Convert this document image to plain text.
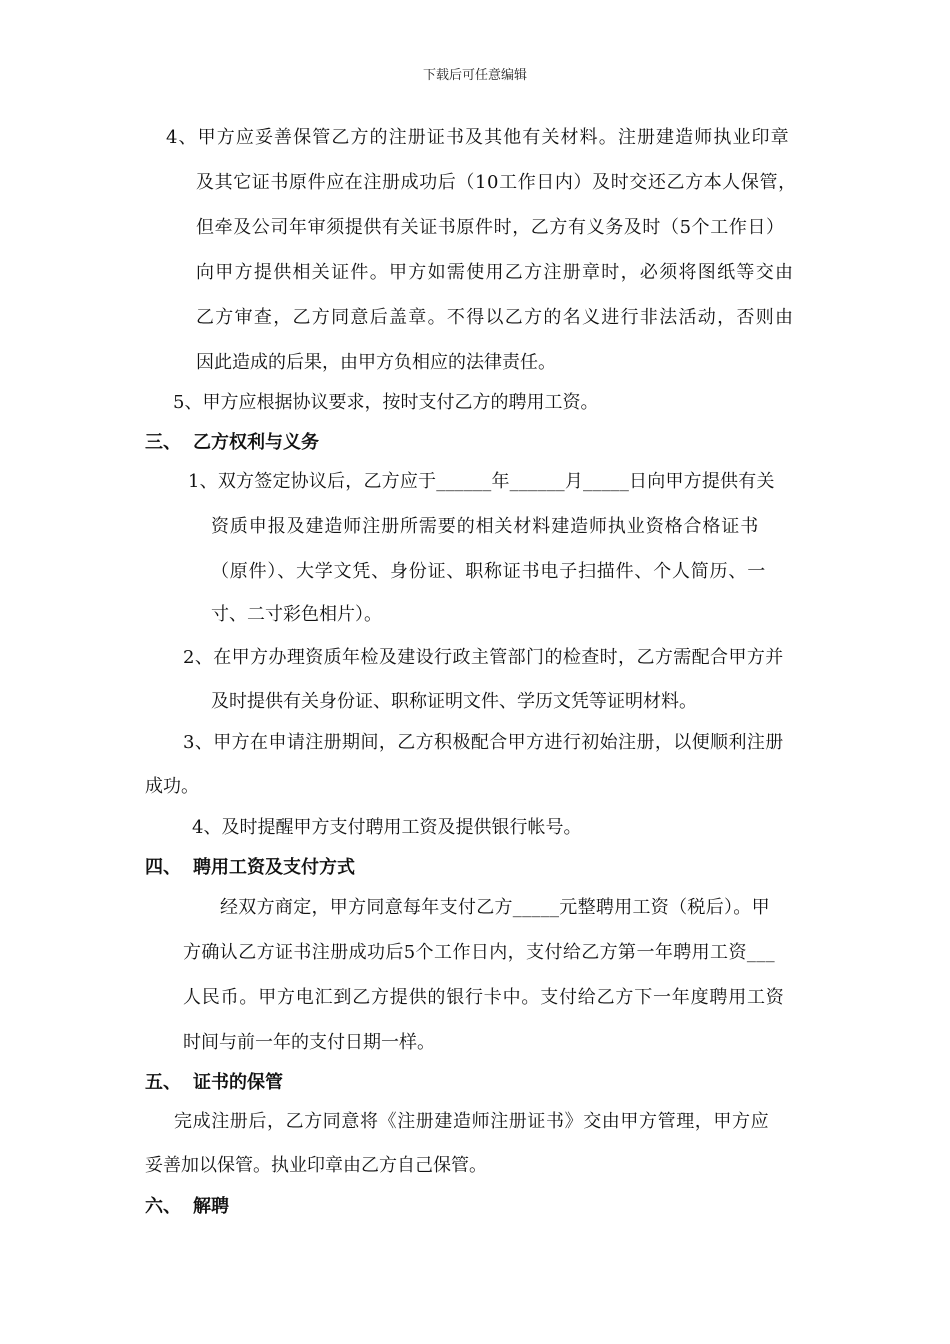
下载后可任意编辑
4、甲方应妥善保管乙方的注册证书及其他有关材料。注册建造师执业印章
及其它证书原件应在注册成功后（10工作日内）及时交还乙方本人保管，
但牵及公司年审须提供有关证书原件时，乙方有义务及时（5个工作日）
向甲方提供相关证件。甲方如需使用乙方注册章时，必须将图纸等交由
乙方审查，乙方同意后盖章。不得以乙方的名义进行非法活动，否则由
因此造成的后果，由甲方负相应的法律责任。
5、甲方应根据协议要求，按时支付乙方的聘用工资。
三、 乙方权利与义务
1、双方签定协议后，乙方应于______年______月_____日向甲方提供有关
资质申报及建造师注册所需要的相关材料建造师执业资格合格证书
（原件）、大学文凭、身份证、职称证书电子扫描件、个人简历、一
寸、二寸彩色相片）。
2、在甲方办理资质年检及建设行政主管部门的检查时，乙方需配合甲方并
及时提供有关身份证、职称证明文件、学历文凭等证明材料。
3、甲方在申请注册期间，乙方积极配合甲方进行初始注册，以便顺利注册
成功。
4、及时提醒甲方支付聘用工资及提供银行帐号。
四、 聘用工资及支付方式
经双方商定，甲方同意每年支付乙方_____元整聘用工资（税后）。甲
方确认乙方证书注册成功后5个工作日内，支付给乙方第一年聘用工资___
人民币。甲方电汇到乙方提供的银行卡中。支付给乙方下一年度聘用工资
时间与前一年的支付日期一样。
五、 证书的保管
完成注册后，乙方同意将《注册建造师注册证书》交由甲方管理，甲方应
妥善加以保管。执业印章由乙方自己保管。
六、 解聘
